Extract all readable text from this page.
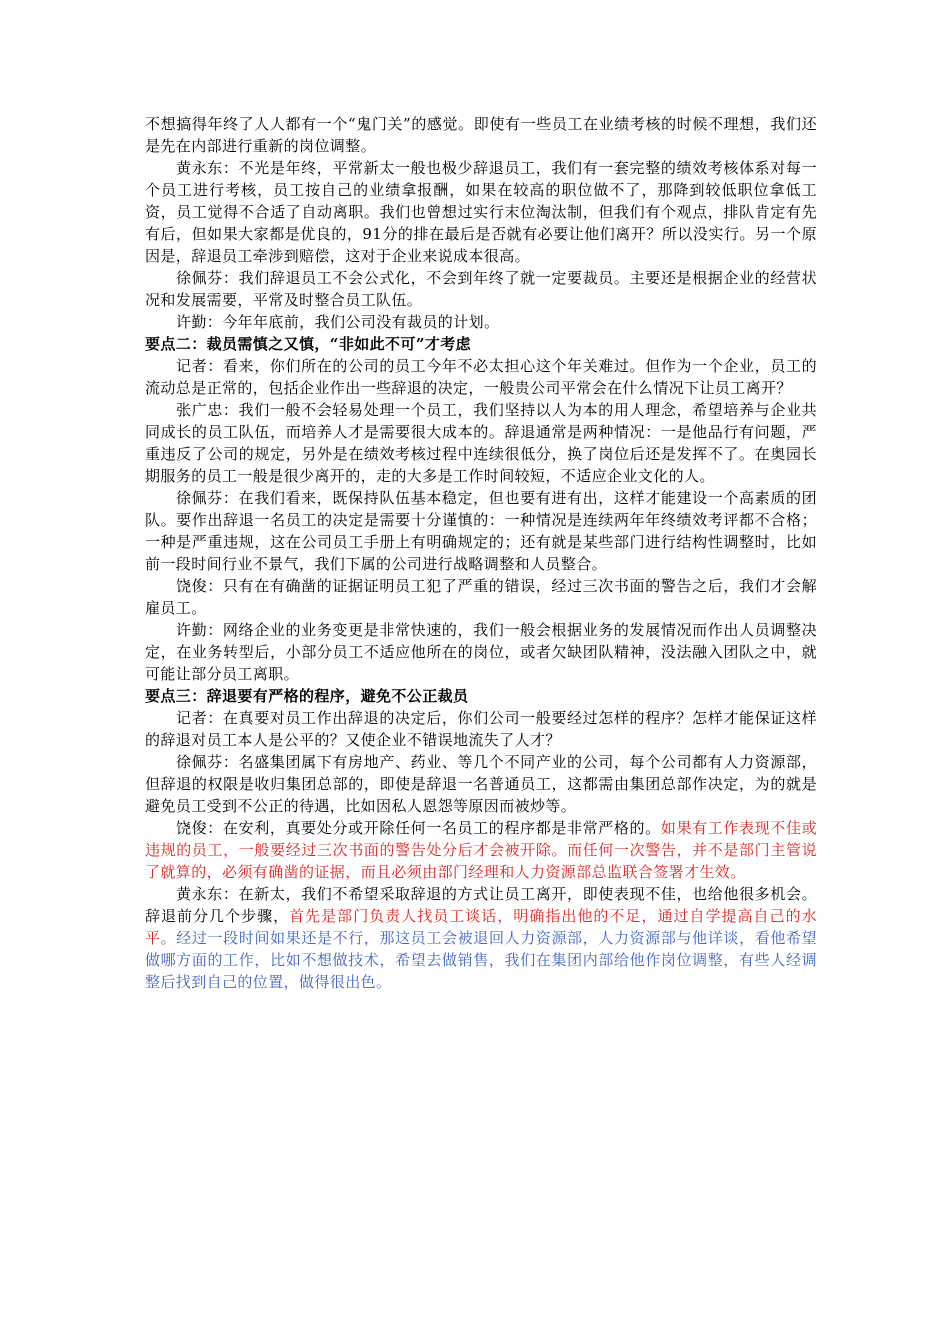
不想搞得年终了人人都有一个“鬼门关”的感觉。即使有一些员工在业绩考核的时候不理想，我们还是先在内部进行重新的岗位调整。

黄永东：不光是年终，平常新太一般也极少辞退员工，我们有一套完整的绩效考核体系对每一个员工进行考核，员工按自己的业绩拿报酬，如果在较高的职位做不了，那降到较低职位拿低工资，员工觉得不合适了自动离职。我们也曾想过实行末位淘汰制，但我们有个观点，排队肯定有先有后，但如果大家都是优良的，91分的排在最后是否就有必要让他们离开？所以没实行。另一个原因是，辞退员工牵涉到赔偿，这对于企业来说成本很高。

徐佩芬：我们辞退员工不会公式化，不会到年终了就一定要裁员。主要还是根据企业的经营状况和发展需要，平常及时整合员工队伍。

许勤：今年年底前，我们公司没有裁员的计划。

要点二：裁员需慎之又慎，“非如此不可”才考虑

记者：看来，你们所在的公司的员工今年不必太担心这个年关难过。但作为一个企业，员工的流动总是正常的，包括企业作出一些辞退的决定，一般贵公司平常会在什么情况下让员工离开？

张广忠：我们一般不会轻易处理一个员工，我们坚持以人为本的用人理念，希望培养与企业共同成长的员工队伍，而培养人才是需要很大成本的。辞退通常是两种情况：一是他品行有问题，严重违反了公司的规定，另外是在绩效考核过程中连续很低分，换了岗位后还是发挥不了。在奥园长期服务的员工一般是很少离开的，走的大多是工作时间较短，不适应企业文化的人。

徐佩芬：在我们看来，既保持队伍基本稳定，但也要有进有出，这样才能建设一个高素质的团队。要作出辞退一名员工的决定是需要十分谨慎的：一种情况是连续两年年终绩效考评都不合格；一种是严重违规，这在公司员工手册上有明确规定的；还有就是某些部门进行结构性调整时，比如前一段时间行业不景气，我们下属的公司进行战略调整和人员整合。

饶俊：只有在有确凿的证据证明员工犯了严重的错误，经过三次书面的警告之后，我们才会解雇员工。

许勤：网络企业的业务变更是非常快速的，我们一般会根据业务的发展情况而作出人员调整决定，在业务转型后，小部分员工不适应他所在的岗位，或者欠缺团队精神，没法融入团队之中，就可能让部分员工离职。

要点三：辞退要有严格的程序，避免不公正裁员

记者：在真要对员工作出辞退的决定后，你们公司一般要经过怎样的程序？怎样才能保证这样的辞退对员工本人是公平的？又使企业不错误地流失了人才？

徐佩芬：名盛集团属下有房地产、药业、等几个不同产业的公司，每个公司都有人力资源部，但辞退的权限是收归集团总部的，即使是辞退一名普通员工，这都需由集团总部作决定，为的就是避免员工受到不公正的待遇，比如因私人恩怨等原因而被炒等。

饶俊：在安利，真要处分或开除任何一名员工的程序都是非常严格的。如果有工作表现不佳或违规的员工，一般要经过三次书面的警告处分后才会被开除。而任何一次警告，并不是部门主管说了就算的，必须有确凿的证据，而且必须由部门经理和人力资源部总监联合签署才生效。

黄永东：在新太，我们不希望采取辞退的方式让员工离开，即使表现不佳，也给他很多机会。辞退前分几个步骤，首先是部门负责人找员工谈话，明确指出他的不足，通过自学提高自己的水平。经过一段时间如果还是不行，那这员工会被退回人力资源部，人力资源部与他详谈，看他希望做哪方面的工作，比如不想做技术，希望去做销售，我们在集团内部给他作岗位调整，有些人经调整后找到自己的位置，做得很出色。
